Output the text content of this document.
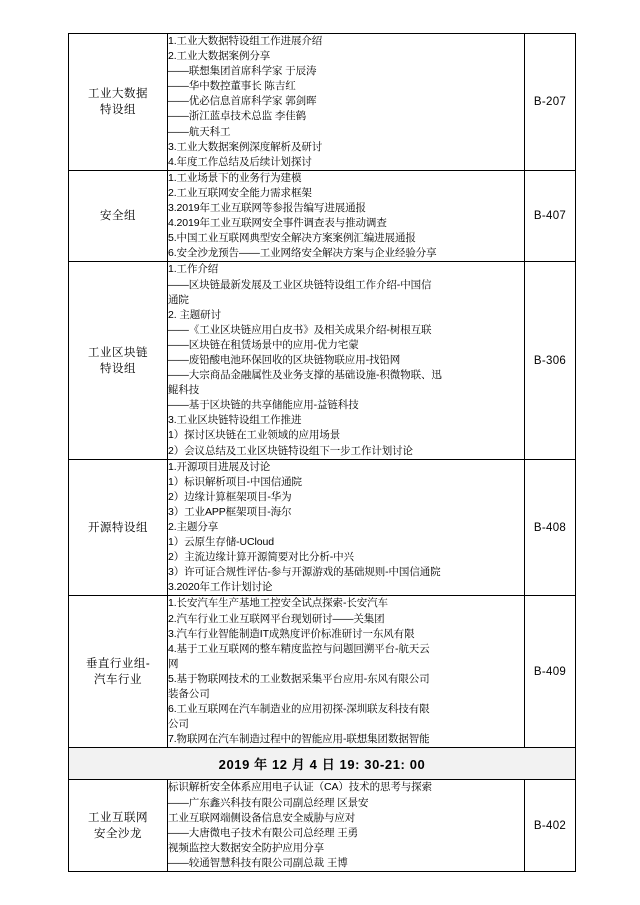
工业大数据
特设组

1.工业大数据特设组工作进展介绍
2.工业大数据案例分享
——联想集团首席科学家 于辰涛
——华中数控董事长 陈吉红
——优必信息首席科学家 郭剑晖
——浙江蓝卓技术总监 李佳鹤
——航天科工
3.工业大数据案例深度解析及研讨
4.年度工作总结及后续计划探讨
	B-207

安全组

1.工业场景下的业务行为建模
2.工业互联网安全能力需求框架
3.2019年工业互联网等参报告编写进展通报
4.2019年工业互联网安全事件调查表与推动调查
5.中国工业互联网典型安全解决方案案例汇编进展通报
6.安全沙龙预告——工业网络安全解决方案与企业经验分享
	B-407

工业区块链
特设组

1.工作介绍
——区块链最新发展及工业区块链特设组工作介绍-中国信
通院
2. 主题研讨
——《工业区块链应用白皮书》及相关成果介绍-树根互联
——区块链在租赁场景中的应用-优力宅蒙
——废铅酸电池环保回收的区块链物联应用-找铅网
——大宗商品金融属性及业务支撑的基础设施-积微物联、迅
鲲科技
——基于区块链的共享储能应用-益链科技
3.工业区块链特设组工作推进
1）探讨区块链在工业领域的应用场景
2）会议总结及工业区块链特设组下一步工作计划讨论
	B-306

开源特设组

1.开源项目进展及讨论
1）标识解析项目-中国信通院
2）边缘计算框架项目-华为
3）工业APP框架项目-海尔
2.主题分享
1）云原生存储-UCloud
2）主流边缘计算开源简要对比分析-中兴
3）许可证合规性评估-参与开源游戏的基础规则-中国信通院
3.2020年工作计划讨论
	B-408

垂直行业组-
汽车行业

1.长安汽车生产基地工控安全试点探索-长安汽车
2.汽车行业工业互联网平台现划研讨——关集团
3.汽车行业智能制造IT成熟度评价标准研讨一东风有限
4.基于工业互联网的整车精度监控与问题回溯平台-航天云
网
5.基于物联网技术的工业数据采集平台应用-东风有限公司
装备公司
6.工业互联网在汽车制造业的应用初探-深圳联友科技有限
公司
7.物联网在汽车制造过程中的智能应用-联想集团数据智能
	B-409
2019 年 12 月 4 日 19: 30-21: 00		

工业互联网
安全沙龙

标识解析安全体系应用电子认证（CA）技术的思考与探索
——广东鑫兴科技有限公司副总经理 区景安
工业互联网端侧设备信息安全威胁与应对
——大唐微电子技术有限公司总经理 王勇
视频监控大数据安全防护应用分享
——较通智慧科技有限公司副总裁 王博
	B-402
